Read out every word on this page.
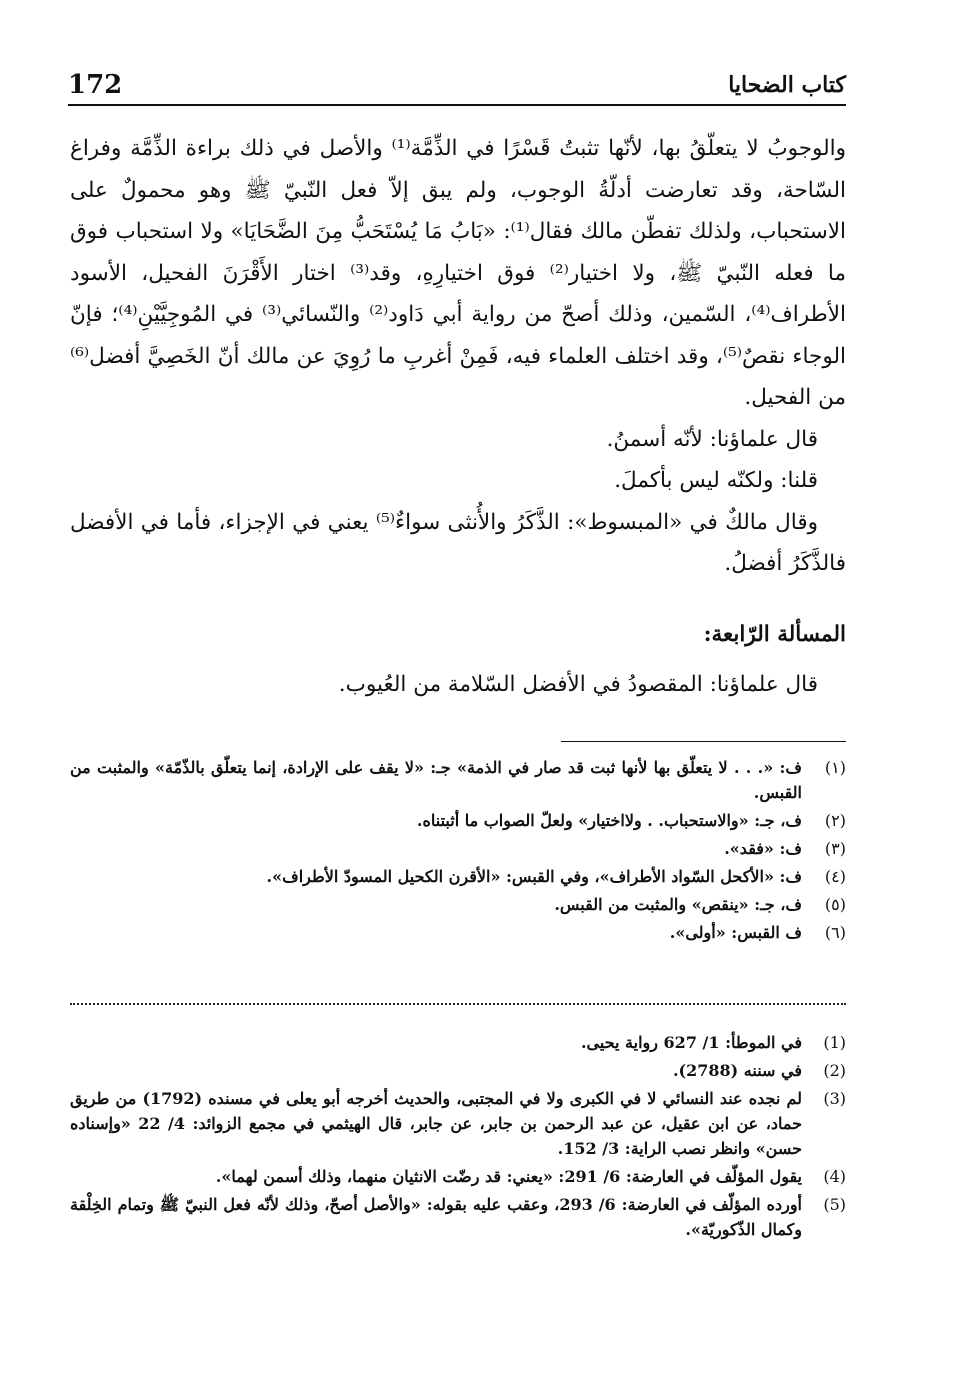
172	كتاب الضحايا

والوجوبُ لا يتعلّقُ بها، لأنّها تثبتُ قَسْرًا في الذِّمَّة⁽¹⁾ والأصل في ذلك براءة الذِّمَّة وفراغ السّاحة، وقد تعارضت أدلّةُ الوجوب، ولم يبق إلاّ فعل النّبيّ ﷺ وهو محمولٌ على الاستحباب، ولذلك تفطّن مالك فقال⁽¹⁾: «بَابُ مَا يُسْتَحَبُّ مِنَ الضَّحَايَا» ولا استحباب فوق ما فعله النّبيّ ﷺ، ولا اختيار⁽²⁾ فوق اختيارِهِ، وقد⁽³⁾ اختار الأَقْرَنَ الفحيل، الأسود الأطراف⁽⁴⁾، السّمين، وذلك أصحّ من رواية أبي دَاود⁽²⁾ والنّسائي⁽³⁾ في المُوجِيَّيْنِ⁽⁴⁾؛ فإنّ الوجاء نقصٌ⁽⁵⁾، وقد اختلف العلماء فيه، فَمِنْ أغربِ ما رُوِيَ عن مالك أنّ الخَصِيَّ أفضل⁽⁶⁾ من الفحيل.

قال علماؤنا: لأنّه أسمنُ.

قلنا: ولكنّه ليس بأكملَ.

وقال مالكٌ في «المبسوط»: الذَّكَرُ والأُنثى سواءٌ⁽⁵⁾ يعني في الإجزاء، فأما في الأفضل فالذَّكَرُ أفضلُ.

المسألة الرّابعة:
قال علماؤنا: المقصودُ في الأفضل السّلامة من العُيوب.
(١)
ف: «. . . لا يتعلّق بها لأنها ثبت قد صار في الذمة» جـ: «لا يقف على الإرادة، إنما يتعلّق بالذّمّة» والمثبت من القبس.
(٢)
ف، جـ: «والاستحباب. . ولااختيار» ولعلّ الصواب ما أثبتناه.
(٣)
ف: «فقد».
(٤)
ف: «الأكحل السّواد الأطراف»، وفي القبس: «الأقرن الكحيل المسودّ الأطراف».
(٥)
ف، جـ: «ينقص» والمثبت من القبس.
(٦)
ف القبس: «أولى».
(1)
في الموطأ: 1/ 627 رواية يحيى.
(2)
في سننه (2788).
(3)
لم نجده عند النسائي لا في الكبرى ولا في المجتبى، والحديث أخرجه أبو يعلى في مسنده (1792) من طريق حماد، عن ابن عقيل، عن عبد الرحمن بن جابر، عن جابر، قال الهيثمي في مجمع الزوائد: 4/ 22 «وإسناده حسن» وانظر نصب الراية: 3/ 152.
(4)
يقول المؤلّف في العارضة: 6/ 291: «يعني: قد رضّت الانثيان منهما، وذلك أسمن لهما».
(5)
أورده المؤلّف في العارضة: 6/ 293، وعقب عليه بقوله: «والأصل أصحّ، وذلك لأنّه فعل النبيّ ﷺ وتمام الخِلْقة وكمال الذّكوريّة».
